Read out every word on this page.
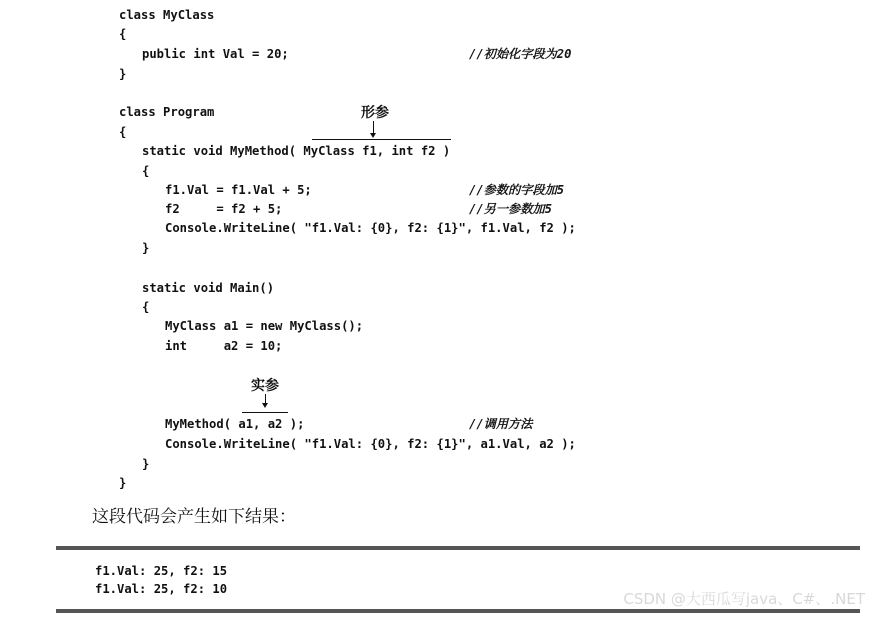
class MyClass
{
public int Val = 20;
}
class Program
{
static void MyMethod( MyClass f1, int f2 )
{
f1.Val = f1.Val + 5;
f2     = f2 + 5;
Console.WriteLine( "f1.Val: {0}, f2: {1}", f1.Val, f2 );
}
static void Main()
{
MyClass a1 = new MyClass();
int     a2 = 10;
MyMethod( a1, a2 );
Console.WriteLine( "f1.Val: {0}, f2: {1}", a1.Val, a2 );
}
}
//初始化字段为20
//参数的字段加5
//另一参数加5
//调用方法
形参
实参
这段代码会产生如下结果：
f1.Val: 25, f2: 15
f1.Val: 25, f2: 10
CSDN @大西瓜写java、C#、.NET
